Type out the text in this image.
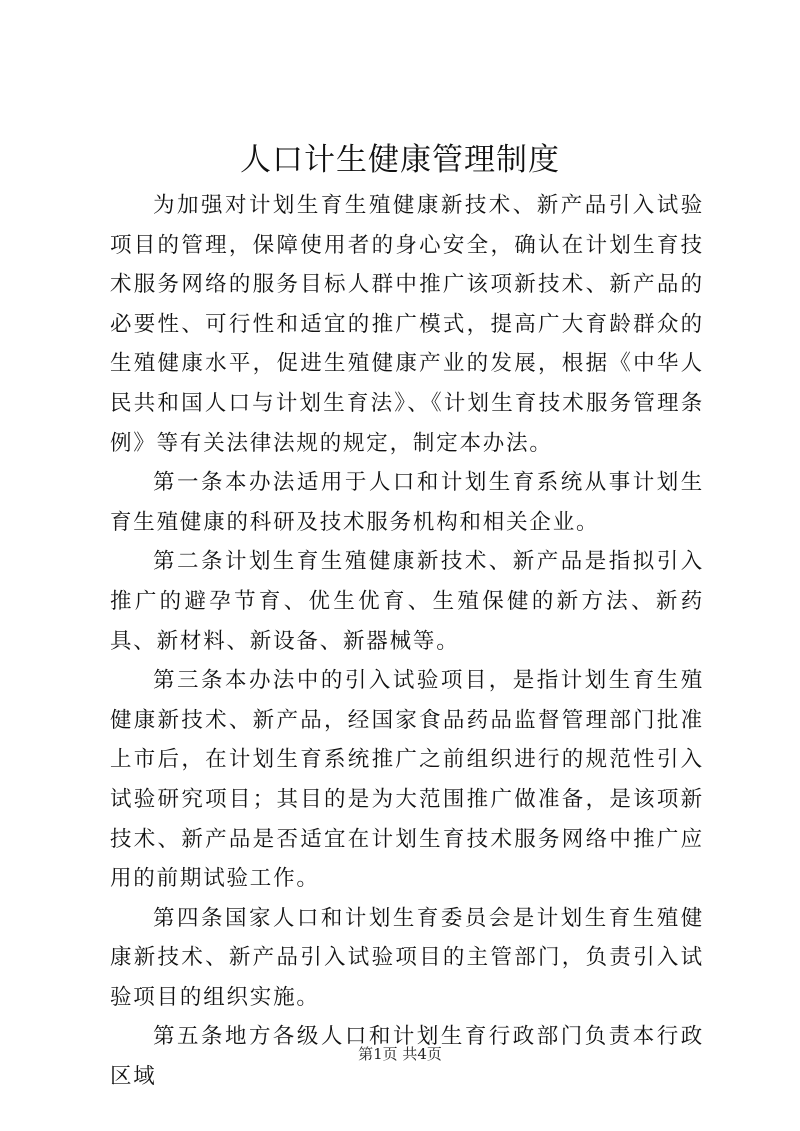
人口计生健康管理制度

为加强对计划生育生殖健康新技术、新产品引入试验项目的管理，保障使用者的身心安全，确认在计划生育技术服务网络的服务目标人群中推广该项新技术、新产品的必要性、可行性和适宜的推广模式，提高广大育龄群众的生殖健康水平，促进生殖健康产业的发展，根据《中华人民共和国人口与计划生育法》、《计划生育技术服务管理条例》等有关法律法规的规定，制定本办法。

第一条本办法适用于人口和计划生育系统从事计划生育生殖健康的科研及技术服务机构和相关企业。

第二条计划生育生殖健康新技术、新产品是指拟引入推广的避孕节育、优生优育、生殖保健的新方法、新药具、新材料、新设备、新器械等。

第三条本办法中的引入试验项目，是指计划生育生殖健康新技术、新产品，经国家食品药品监督管理部门批准上市后，在计划生育系统推广之前组织进行的规范性引入试验研究项目；其目的是为大范围推广做准备，是该项新技术、新产品是否适宜在计划生育技术服务网络中推广应用的前期试验工作。

第四条国家人口和计划生育委员会是计划生育生殖健康新技术、新产品引入试验项目的主管部门，负责引入试验项目的组织实施。

第五条地方各级人口和计划生育行政部门负责本行政区域

第1页 共4页
